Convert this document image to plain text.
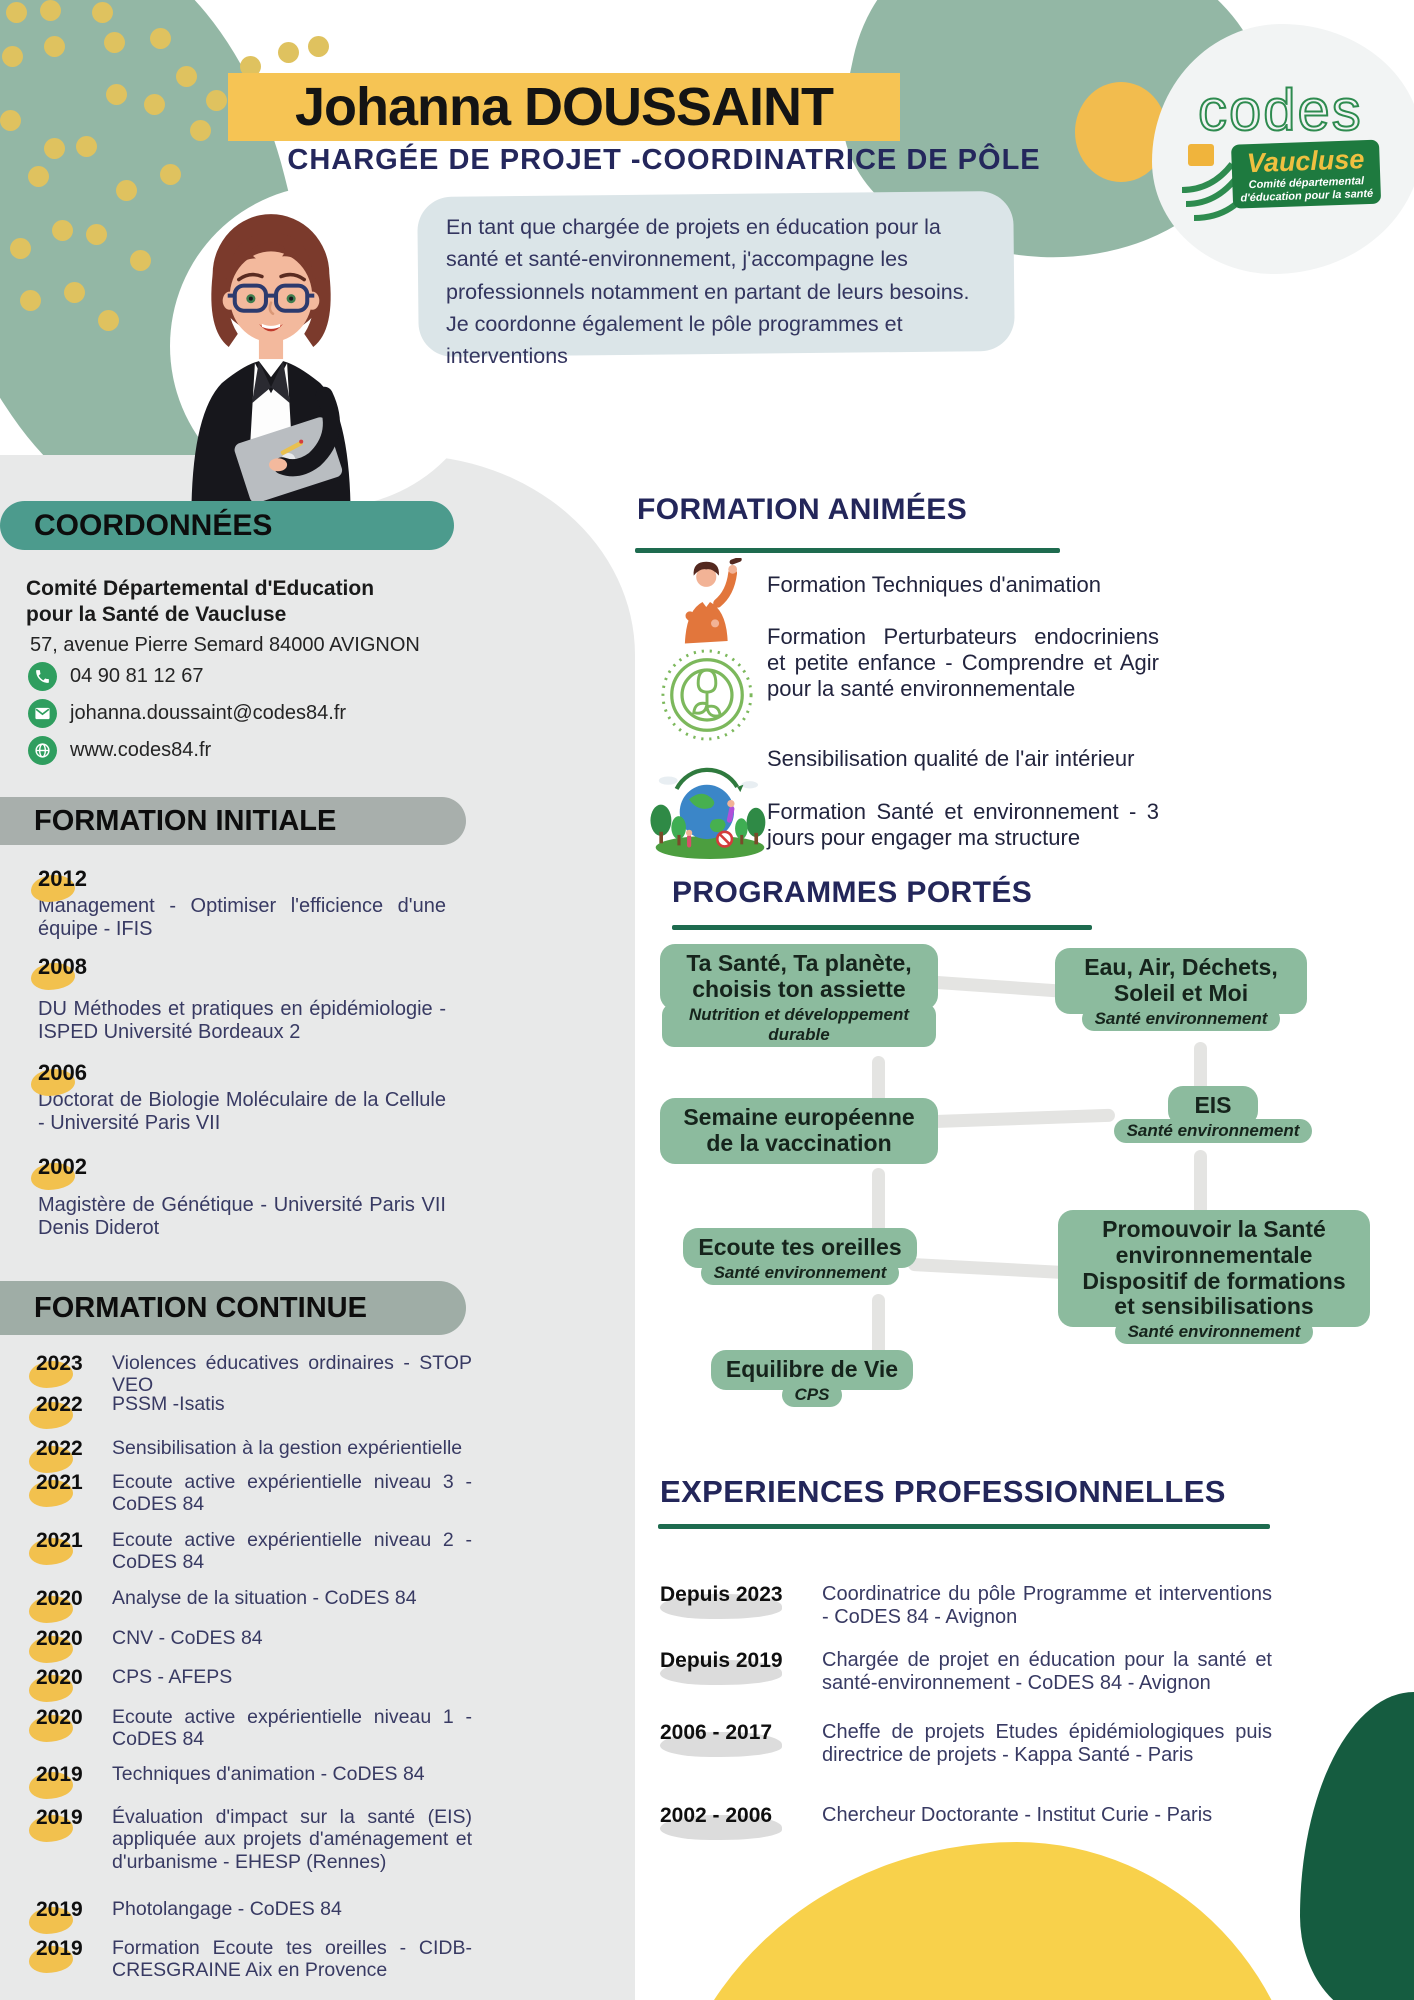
Johanna DOUSSAINT
CHARGÉE DE PROJET -COORDINATRICE DE PÔLE

En tant que chargée de projets en éducation pour la santé et santé-environnement, j'accompagne les professionnels notamment en partant de leurs besoins.

Je coordonne également le pôle programmes et interventions

codes
Vaucluse
Comité départemental
d'éducation pour la santé
COORDONNÉES
Comité Départemental d'Education pour la Santé de Vaucluse
57, avenue Pierre Semard 84000 AVIGNON
04 90 81 12 67
johanna.doussaint@codes84.fr
www.codes84.fr
FORMATION INITIALE
2012
Management - Optimiser l'efficience d'une équipe - IFIS
2008
DU Méthodes et pratiques en épidémiologie - ISPED Université Bordeaux 2
2006
Doctorat de Biologie Moléculaire de la Cellule - Université Paris VII
2002
Magistère de Génétique - Université Paris VII Denis Diderot
FORMATION CONTINUE
2023	Violences éducatives ordinaires - STOP VEO
2022	PSSM -Isatis
2022	Sensibilisation à la gestion expérientielle
2021	Ecoute active expérientielle niveau 3 - CoDES 84
2021	Ecoute active expérientielle niveau 2 - CoDES 84
2020	Analyse de la situation - CoDES 84
2020	CNV - CoDES 84
2020	CPS - AFEPS
2020	Ecoute active expérientielle niveau 1 - CoDES 84
2019	Techniques d'animation - CoDES 84
2019	Évaluation d'impact sur la santé (EIS) appliquée aux projets d'aménagement et d'urbanisme - EHESP (Rennes)
2019	Photolangage - CoDES 84
2019	Formation Ecoute tes oreilles - CIDB-CRESGRAINE Aix en Provence
FORMATION ANIMÉES
Formation Techniques d'animation
Formation Perturbateurs endocriniens et petite enfance - Comprendre et Agir pour la santé environnementale
Sensibilisation qualité de l'air intérieur
Formation Santé et environnement - 3 jours pour engager ma structure
PROGRAMMES PORTÉS
Ta Santé, Ta planète, choisis ton assiette
Nutrition et développement durable
Eau, Air, Déchets, Soleil et Moi
Santé environnement
Semaine européenne de la vaccination
EIS
Santé environnement
Ecoute tes oreilles
Santé environnement
Promouvoir la Santé environnementale Dispositif de formations et sensibilisations
Santé environnement
Equilibre de Vie
CPS
EXPERIENCES PROFESSIONNELLES
Depuis 2023	Coordinatrice du pôle Programme et interventions - CoDES 84 - Avignon
Depuis 2019	Chargée de projet en éducation pour la santé et santé-environnement - CoDES 84 - Avignon
2006 - 2017	Cheffe de projets Etudes épidémiologiques puis directrice de projets - Kappa Santé - Paris
2002 - 2006	Chercheur Doctorante - Institut Curie - Paris
